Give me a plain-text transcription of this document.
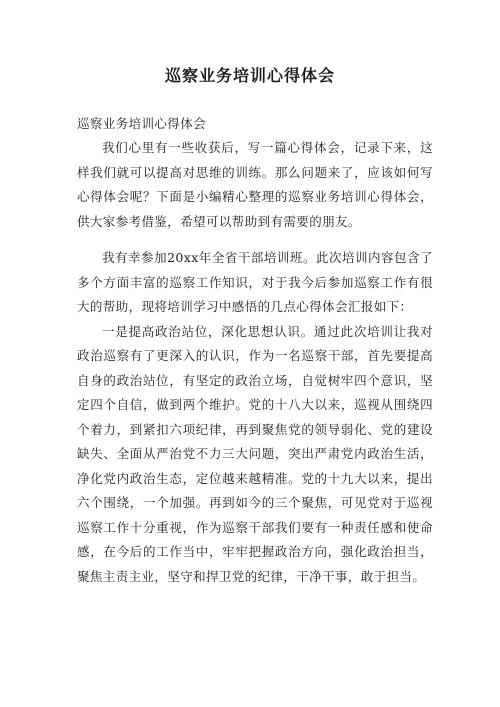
巡察业务培训心得体会

巡察业务培训心得体会

我们心里有一些收获后，写一篇心得体会，记录下来，这样我们就可以提高对思维的训练。那么问题来了，应该如何写心得体会呢？下面是小编精心整理的巡察业务培训心得体会，供大家参考借鉴，希望可以帮助到有需要的朋友。

我有幸参加20xx年全省干部培训班。此次培训内容包含了多个方面丰富的巡察工作知识，对于我今后参加巡察工作有很大的帮助，现将培训学习中感悟的几点心得体会汇报如下：

一是提高政治站位，深化思想认识。通过此次培训让我对政治巡察有了更深入的认识，作为一名巡察干部，首先要提高自身的政治站位，有坚定的政治立场，自觉树牢四个意识，坚定四个自信，做到两个维护。党的十八大以来，巡视从围绕四个着力，到紧扣六项纪律，再到聚焦党的领导弱化、党的建设缺失、全面从严治党不力三大问题，突出严肃党内政治生活，净化党内政治生态，定位越来越精准。党的十九大以来，提出六个围绕，一个加强。再到如今的三个聚焦，可见党对于巡视巡察工作十分重视，作为巡察干部我们要有一种责任感和使命感，在今后的工作当中，牢牢把握政治方向，强化政治担当，聚焦主责主业，坚守和捍卫党的纪律，干净干事，敢于担当。
